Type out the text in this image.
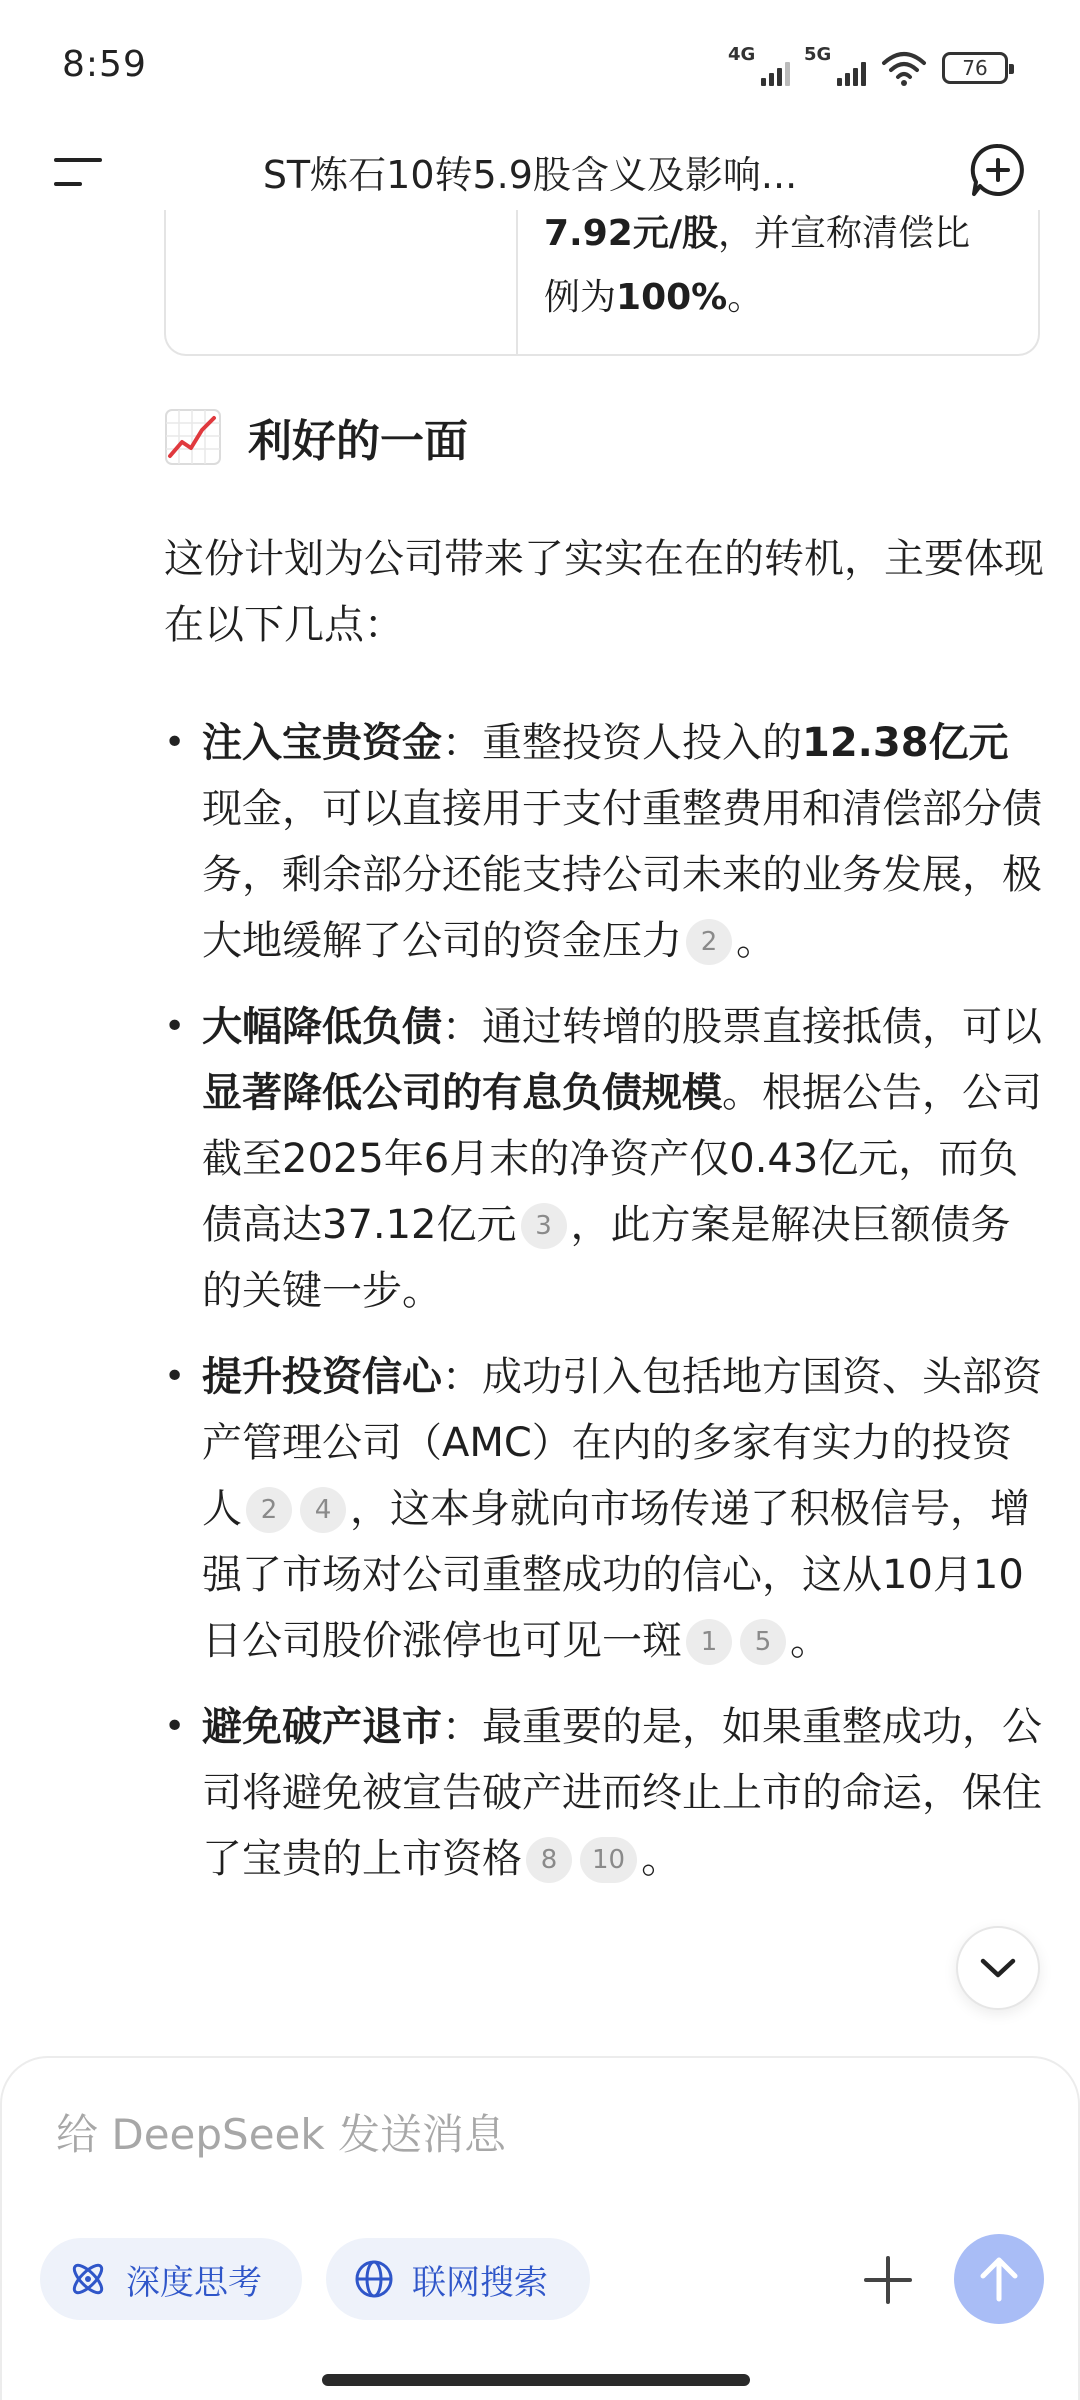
8:59	4G	5G
76
ST炼石10转5.9股含义及影响...
7.92元/股，并宣称清偿比例为100%。
利好的一面
这份计划为公司带来了实实在在的转机，主要体现在以下几点：
• 注入宝贵资金：重整投资人投入的12.38亿元现金，可以直接用于支付重整费用和清偿部分债务，剩余部分还能支持公司未来的业务发展，极大地缓解了公司的资金压力 2 。
• 大幅降低负债：通过转增的股票直接抵债，可以显著降低公司的有息负债规模。根据公告，公司截至2025年6月末的净资产仅0.43亿元，而负债高达37.12亿元 3 ，此方案是解决巨额债务的关键一步。
• 提升投资信心：成功引入包括地方国资、头部资产管理公司（AMC）在内的多家有实力的投资人 2 4 ，这本身就向市场传递了积极信号，增强了市场对公司重整成功的信心，这从10月10日公司股价涨停也可见一斑 1 5 。
• 避免破产退市：最重要的是，如果重整成功，公司将避免被宣告破产进而终止上市的命运，保住了宝贵的上市资格 8 10 。
给 DeepSeek 发送消息
深度思考	联网搜索
